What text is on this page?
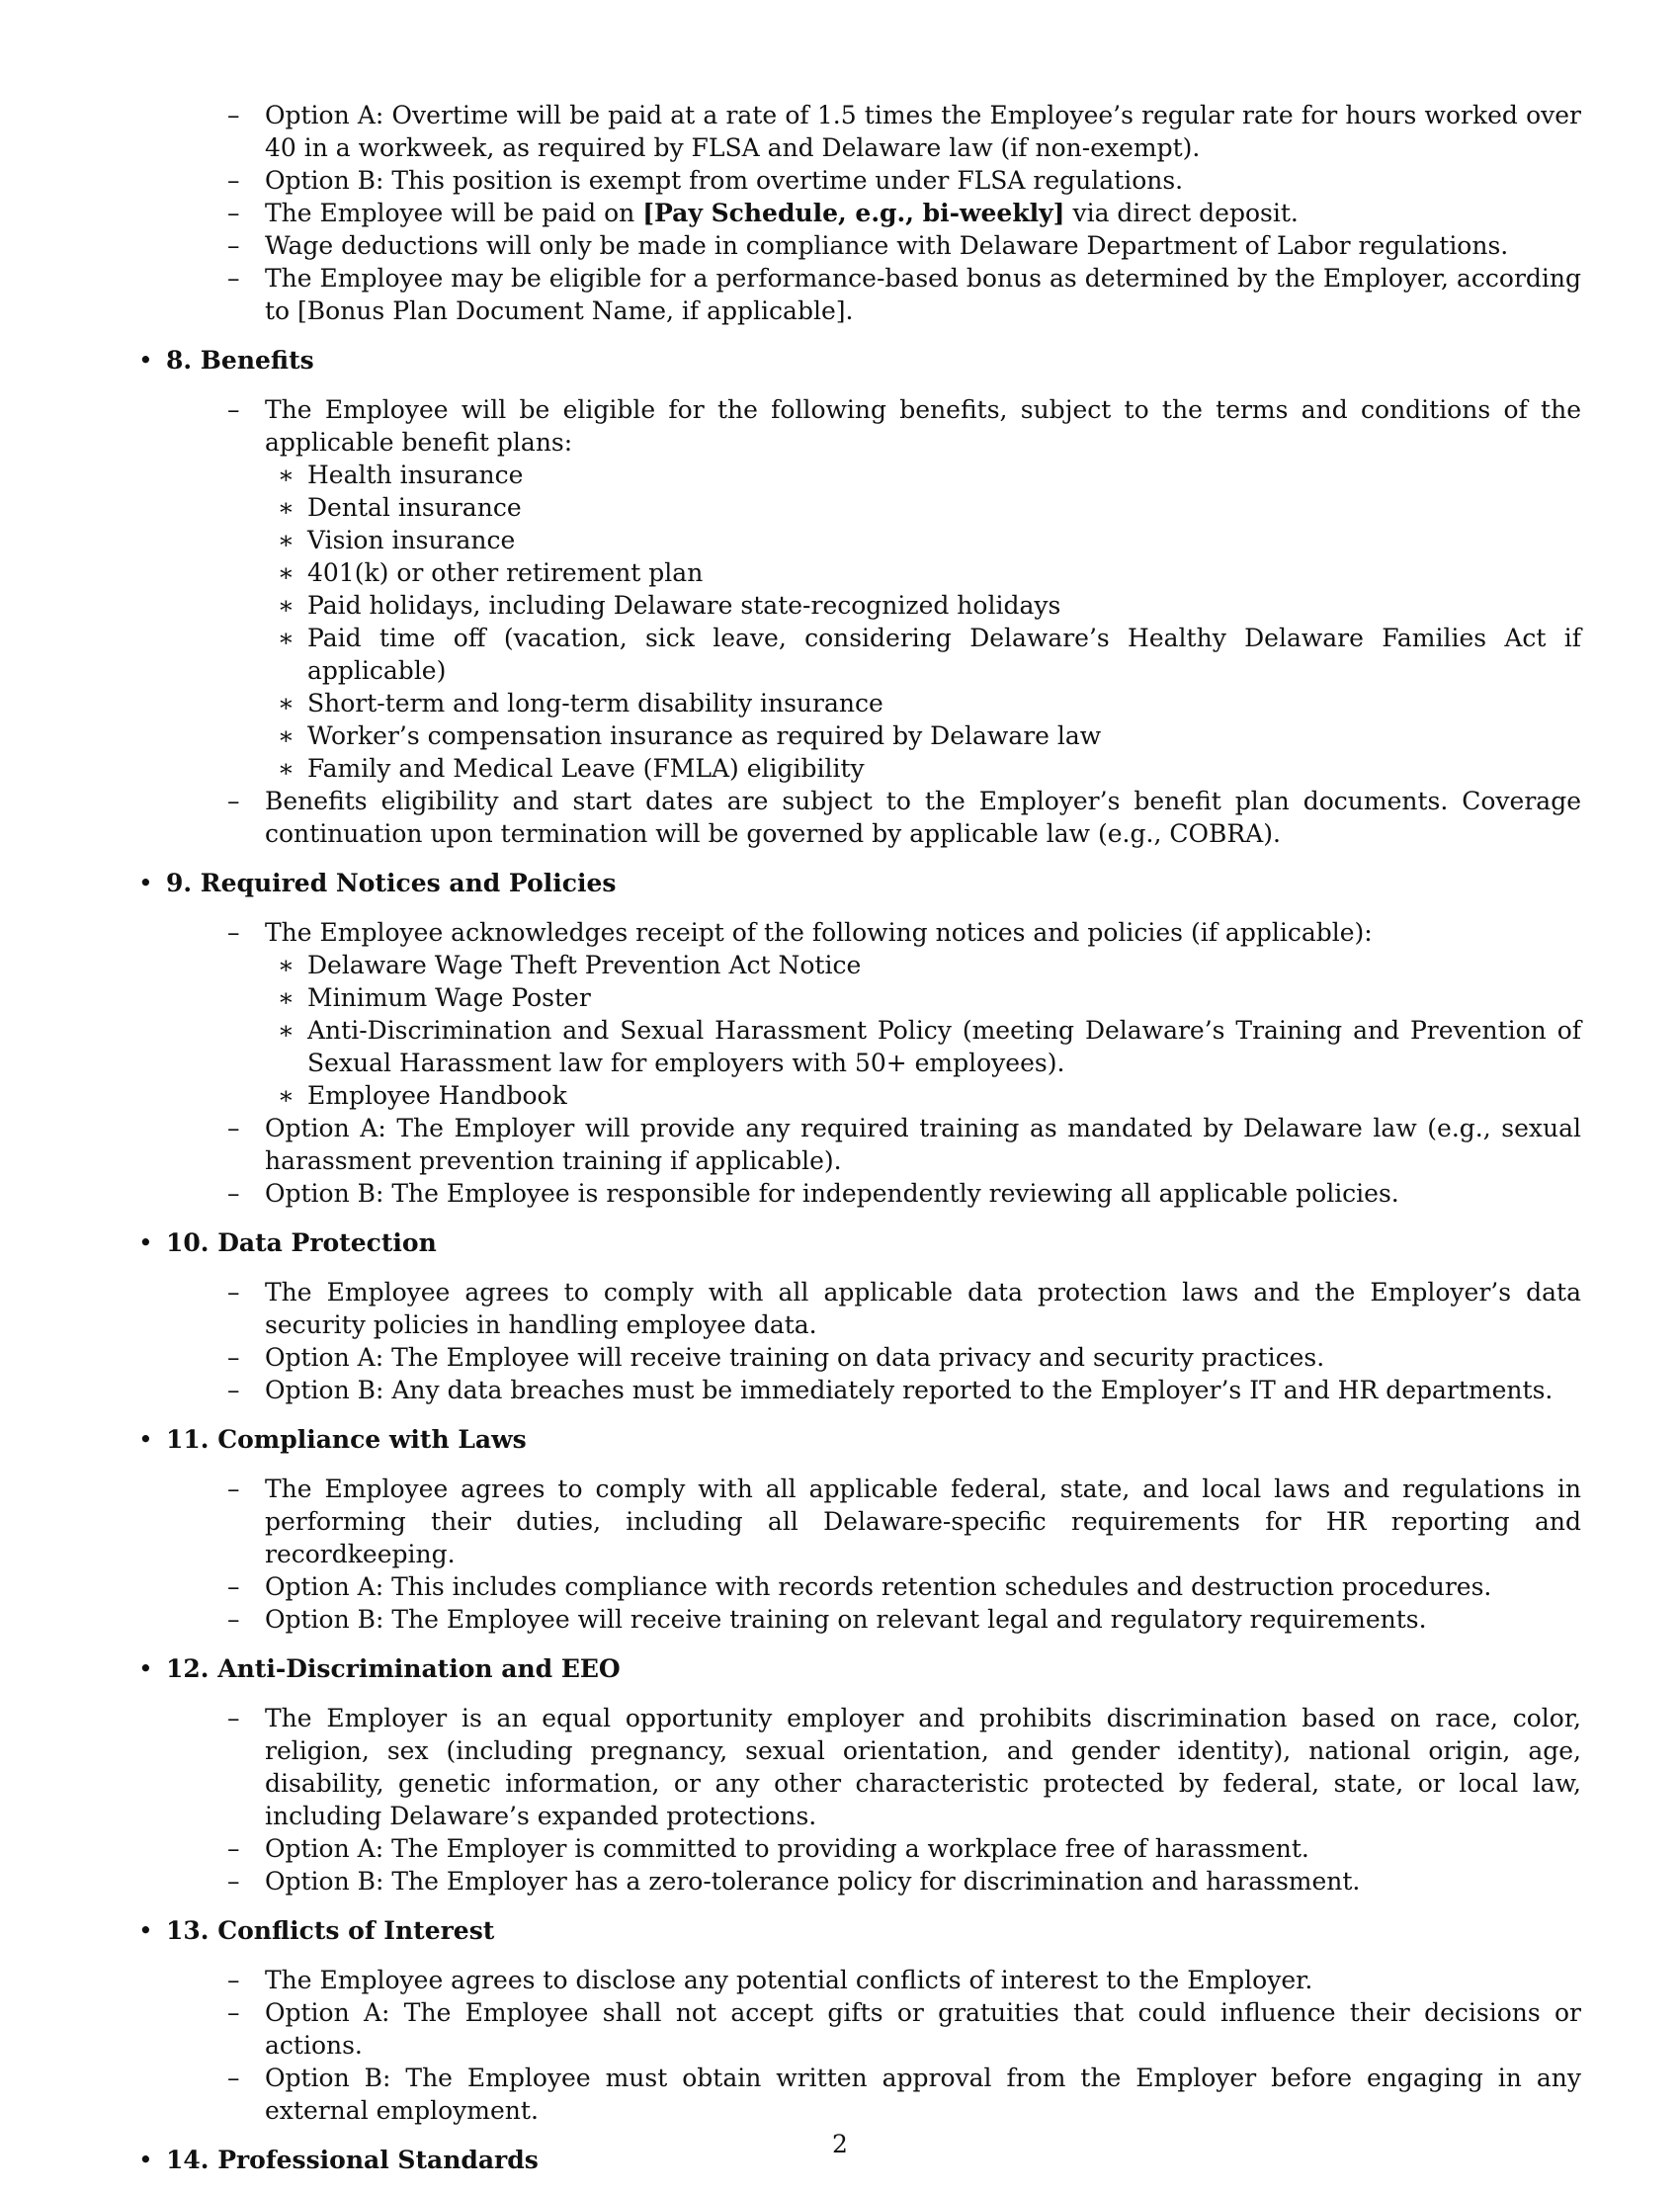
– Option A: Overtime will be paid at a rate of 1.5 times the Employee’s regular rate for hours worked over 40 in a workweek, as required by FLSA and Delaware law (if non-exempt).
– Option B: This position is exempt from overtime under FLSA regulations.
– The Employee will be paid on [Pay Schedule, e.g., bi-weekly] via direct deposit.
– Wage deductions will only be made in compliance with Delaware Department of Labor regulations.
– The Employee may be eligible for a performance-based bonus as determined by the Employer, according to [Bonus Plan Document Name, if applicable].
• 8. Benefits
– The Employee will be eligible for the following benefits, subject to the terms and conditions of the applicable benefit plans:
∗ Health insurance
∗ Dental insurance
∗ Vision insurance
∗ 401(k) or other retirement plan
∗ Paid holidays, including Delaware state-recognized holidays
∗ Paid time off (vacation, sick leave, considering Delaware’s Healthy Delaware Families Act if applicable)
∗ Short-term and long-term disability insurance
∗ Worker’s compensation insurance as required by Delaware law
∗ Family and Medical Leave (FMLA) eligibility
– Benefits eligibility and start dates are subject to the Employer’s benefit plan documents. Coverage continuation upon termination will be governed by applicable law (e.g., COBRA).
• 9. Required Notices and Policies
– The Employee acknowledges receipt of the following notices and policies (if applicable):
∗ Delaware Wage Theft Prevention Act Notice
∗ Minimum Wage Poster
∗ Anti-Discrimination and Sexual Harassment Policy (meeting Delaware’s Training and Prevention of Sexual Harassment law for employers with 50+ employees).
∗ Employee Handbook
– Option A: The Employer will provide any required training as mandated by Delaware law (e.g., sexual harassment prevention training if applicable).
– Option B: The Employee is responsible for independently reviewing all applicable policies.
• 10. Data Protection
– The Employee agrees to comply with all applicable data protection laws and the Employer’s data security policies in handling employee data.
– Option A: The Employee will receive training on data privacy and security practices.
– Option B: Any data breaches must be immediately reported to the Employer’s IT and HR departments.
• 11. Compliance with Laws
– The Employee agrees to comply with all applicable federal, state, and local laws and regulations in performing their duties, including all Delaware-specific requirements for HR reporting and recordkeeping.
– Option A: This includes compliance with records retention schedules and destruction procedures.
– Option B: The Employee will receive training on relevant legal and regulatory requirements.
• 12. Anti-Discrimination and EEO
– The Employer is an equal opportunity employer and prohibits discrimination based on race, color, religion, sex (including pregnancy, sexual orientation, and gender identity), national origin, age, disability, genetic information, or any other characteristic protected by federal, state, or local law, including Delaware’s expanded protections.
– Option A: The Employer is committed to providing a workplace free of harassment.
– Option B: The Employer has a zero-tolerance policy for discrimination and harassment.
• 13. Conflicts of Interest
– The Employee agrees to disclose any potential conflicts of interest to the Employer.
– Option A: The Employee shall not accept gifts or gratuities that could influence their decisions or actions.
– Option B: The Employee must obtain written approval from the Employer before engaging in any external employment.
• 14. Professional Standards
2
